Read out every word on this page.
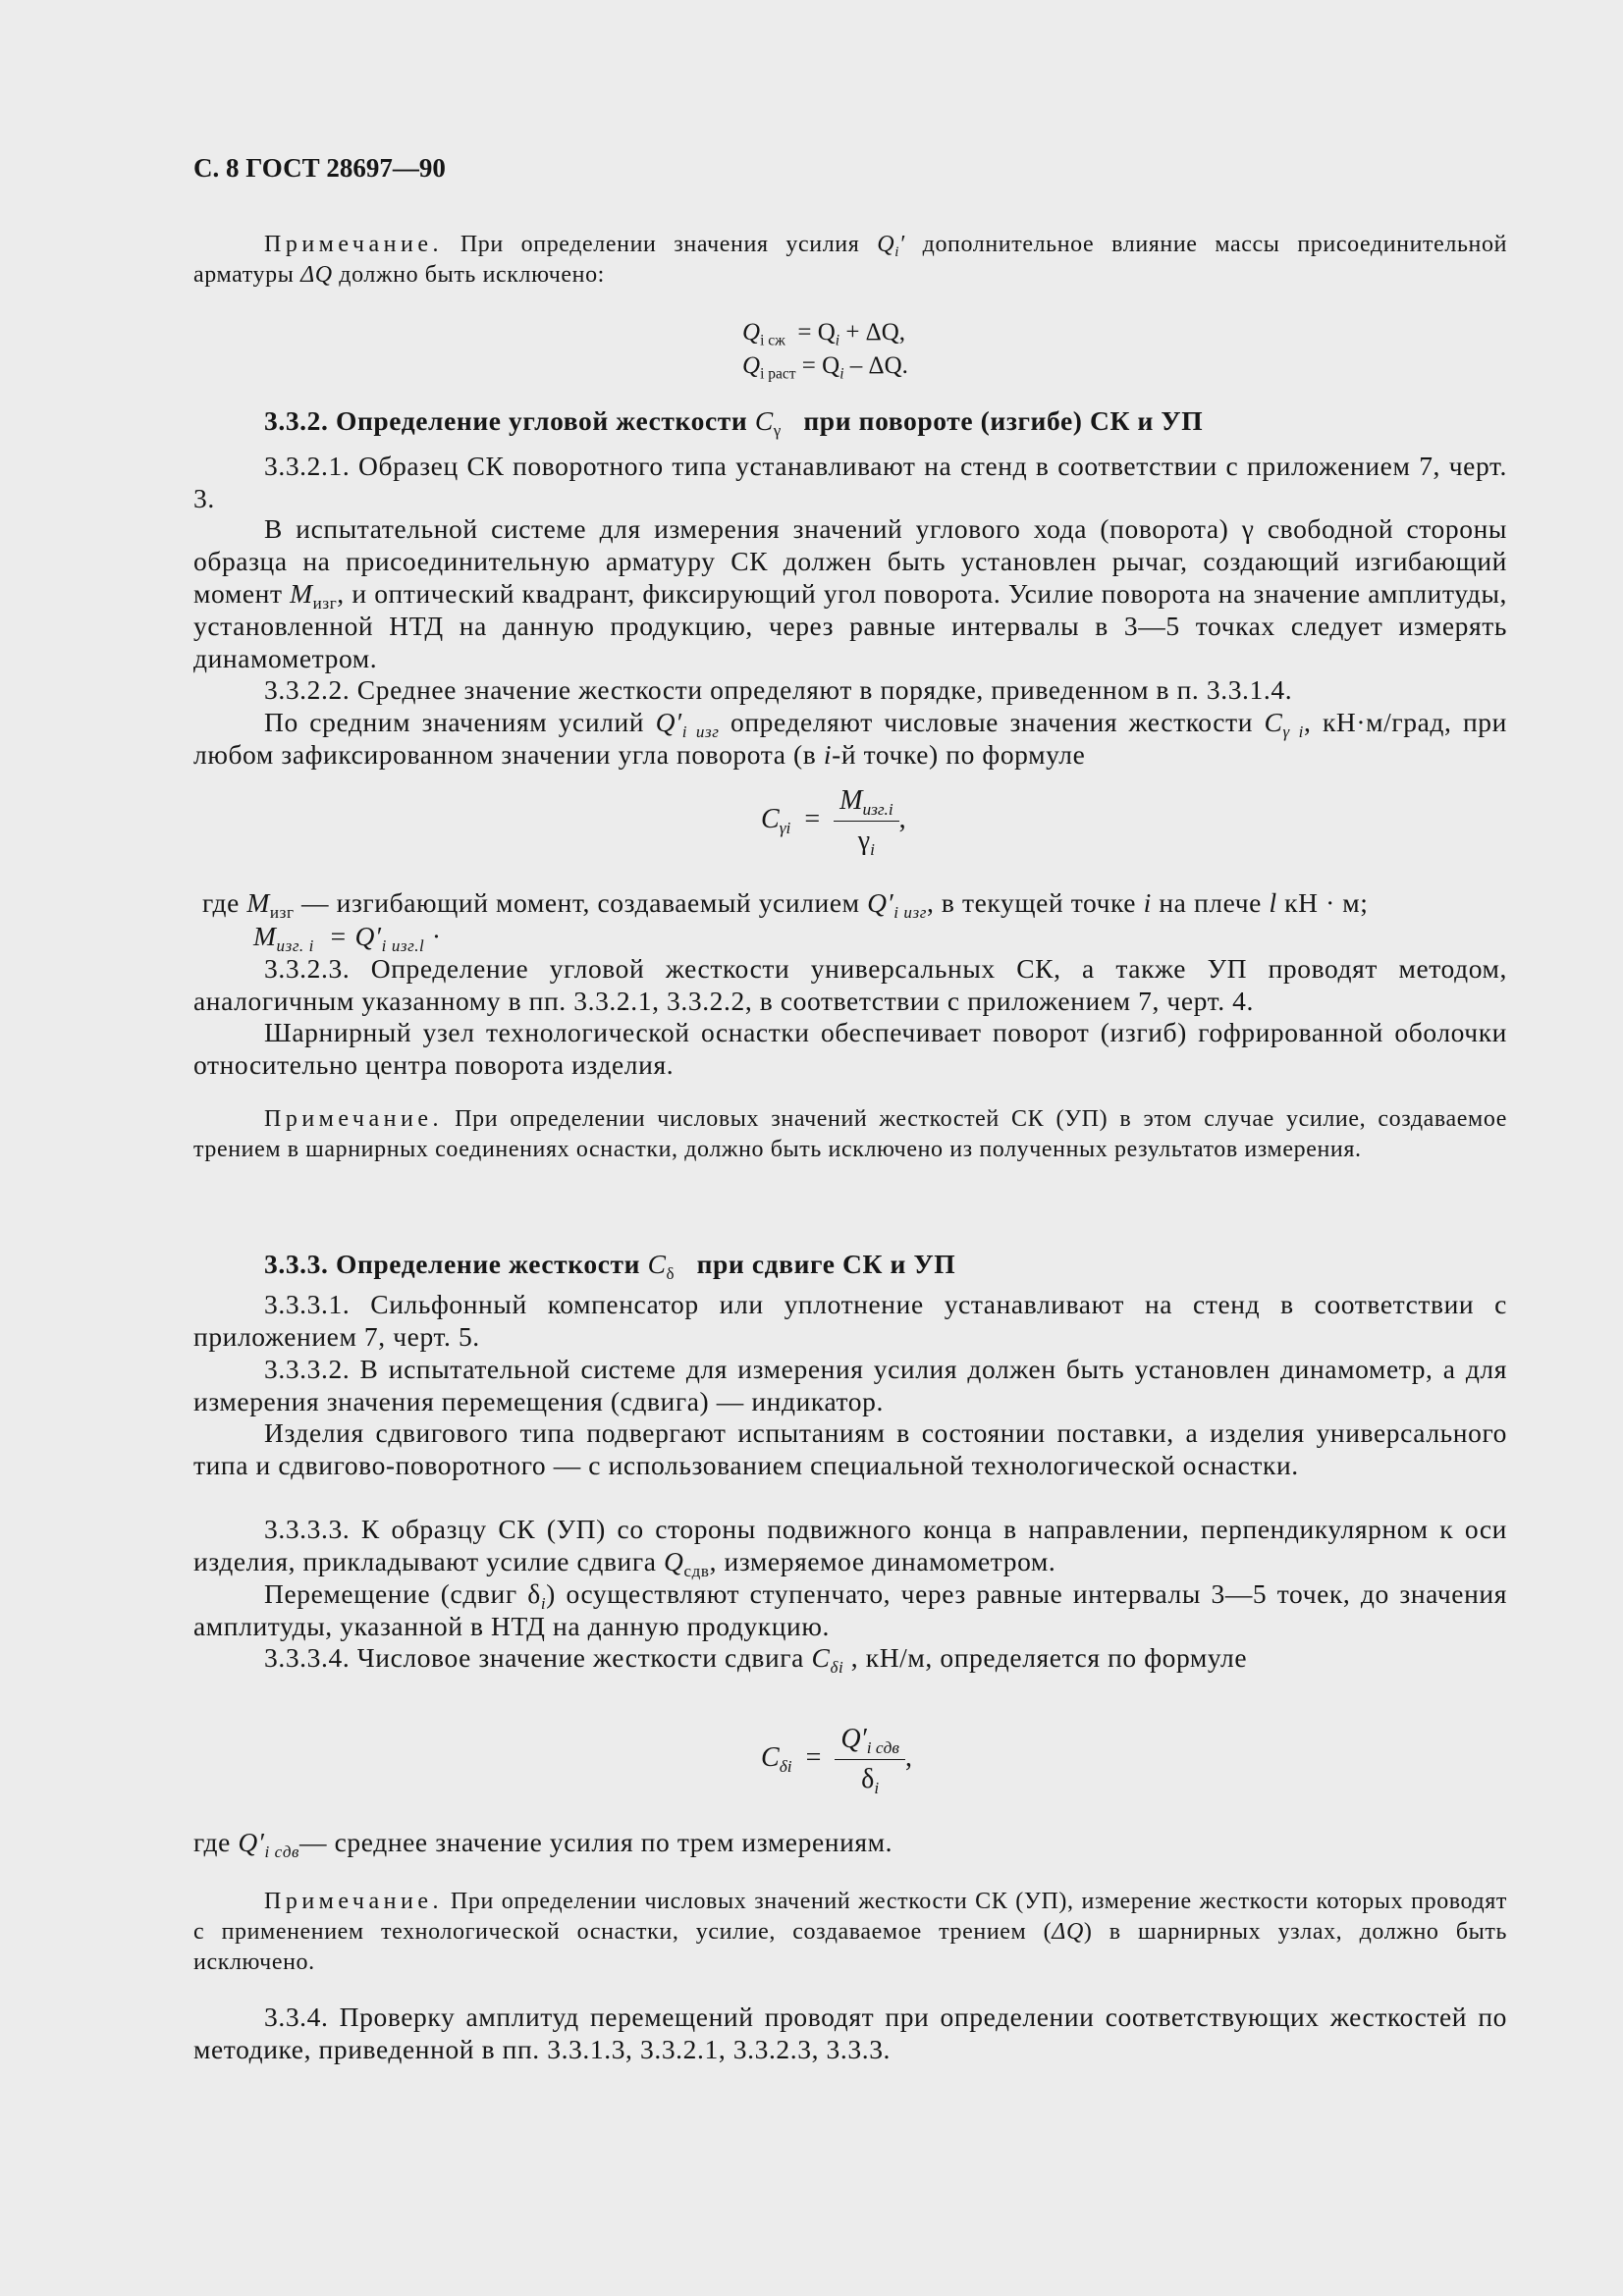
С. 8 ГОСТ 28697—90

Примечание. При определении значения усилия $Q_i'$ дополнительное влияние массы присоединительной арматуры ΔQ должно быть исключено:

$Q_{i сж} = Q_i + \Delta Q$,
$Q_{i раст} = Q_i - \Delta Q$.

3.3.2. Определение угловой жесткости $C_\gamma$ при повороте (изгибе) СК и УП

3.3.2.1. Образец СК поворотного типа устанавливают на стенд в соответствии с приложением 7, черт. 3.

В испытательной системе для измерения значений углового хода (поворота) γ свободной стороны образца на присоединительную арматуру СК должен быть установлен рычаг, создающий изгибающий момент $M_{изг}$, и оптический квадрант, фиксирующий угол поворота. Усилие поворота на значение амплитуды, установленной НТД на данную продукцию, через равные интервалы в 3—5 точках следует измерять динамометром.

3.3.2.2. Среднее значение жесткости определяют в порядке, приведенном в п. 3.3.1.4.

По средним значениям усилий $Q'_{i изг}$ определяют числовые значения жесткости $C_{\gamma i}$, кН·м/град, при любом зафиксированном значении угла поворота (в i-й точке) по формуле

$C_{\gamma i} = \frac{M_{изг.i}}{\gamma_i}$ ,

где $M_{изг}$ — изгибающий момент, создаваемый усилием $Q'_{i изг}$, в текущей точке i на плече l кН · м;

$M_{изг. i} = Q'_{i изг.l}$ ·

3.3.2.3. Определение угловой жесткости универсальных СК, а также УП проводят методом, аналогичным указанному в пп. 3.3.2.1, 3.3.2.2, в соответствии с приложением 7, черт. 4.

Шарнирный узел технологической оснастки обеспечивает поворот (изгиб) гофрированной оболочки относительно центра поворота изделия.

Примечание. При определении числовых значений жесткостей СК (УП) в этом случае усилие, создаваемое трением в шарнирных соединениях оснастки, должно быть исключено из полученных результатов измерения.

3.3.3. Определение жесткости $C_\delta$ при сдвиге СК и УП

3.3.3.1. Сильфонный компенсатор или уплотнение устанавливают на стенд в соответствии с приложением 7, черт. 5.

3.3.3.2. В испытательной системе для измерения усилия должен быть установлен динамометр, а для измерения значения перемещения (сдвига) — индикатор.

Изделия сдвигового типа подвергают испытаниям в состоянии поставки, а изделия универсального типа и сдвигово-поворотного — с использованием специальной технологической оснастки.

3.3.3.3. К образцу СК (УП) со стороны подвижного конца в направлении, перпендикулярном к оси изделия, прикладывают усилие сдвига $Q_{сдв}$, измеряемое динамометром.

Перемещение (сдвиг $\delta_i$) осуществляют ступенчато, через равные интервалы 3—5 точек, до значения амплитуды, указанной в НТД на данную продукцию.

3.3.3.4. Числовое значение жесткости сдвига $C_{\delta i}$ , кН/м, определяется по формуле

$C_{\delta i} = \frac{Q'_{i сдв}}{\delta_i}$ ,

где $Q'_{i сдв}—$ среднее значение усилия по трем измерениям.

Примечание. При определении числовых значений жесткости СК (УП), измерение жесткости которых проводят с применением технологической оснастки, усилие, создаваемое трением (ΔQ) в шарнирных узлах, должно быть исключено.

3.3.4. Проверку амплитуд перемещений проводят при определении соответствующих жесткостей по методике, приведенной в пп. 3.3.1.3, 3.3.2.1, 3.3.2.3, 3.3.3.
